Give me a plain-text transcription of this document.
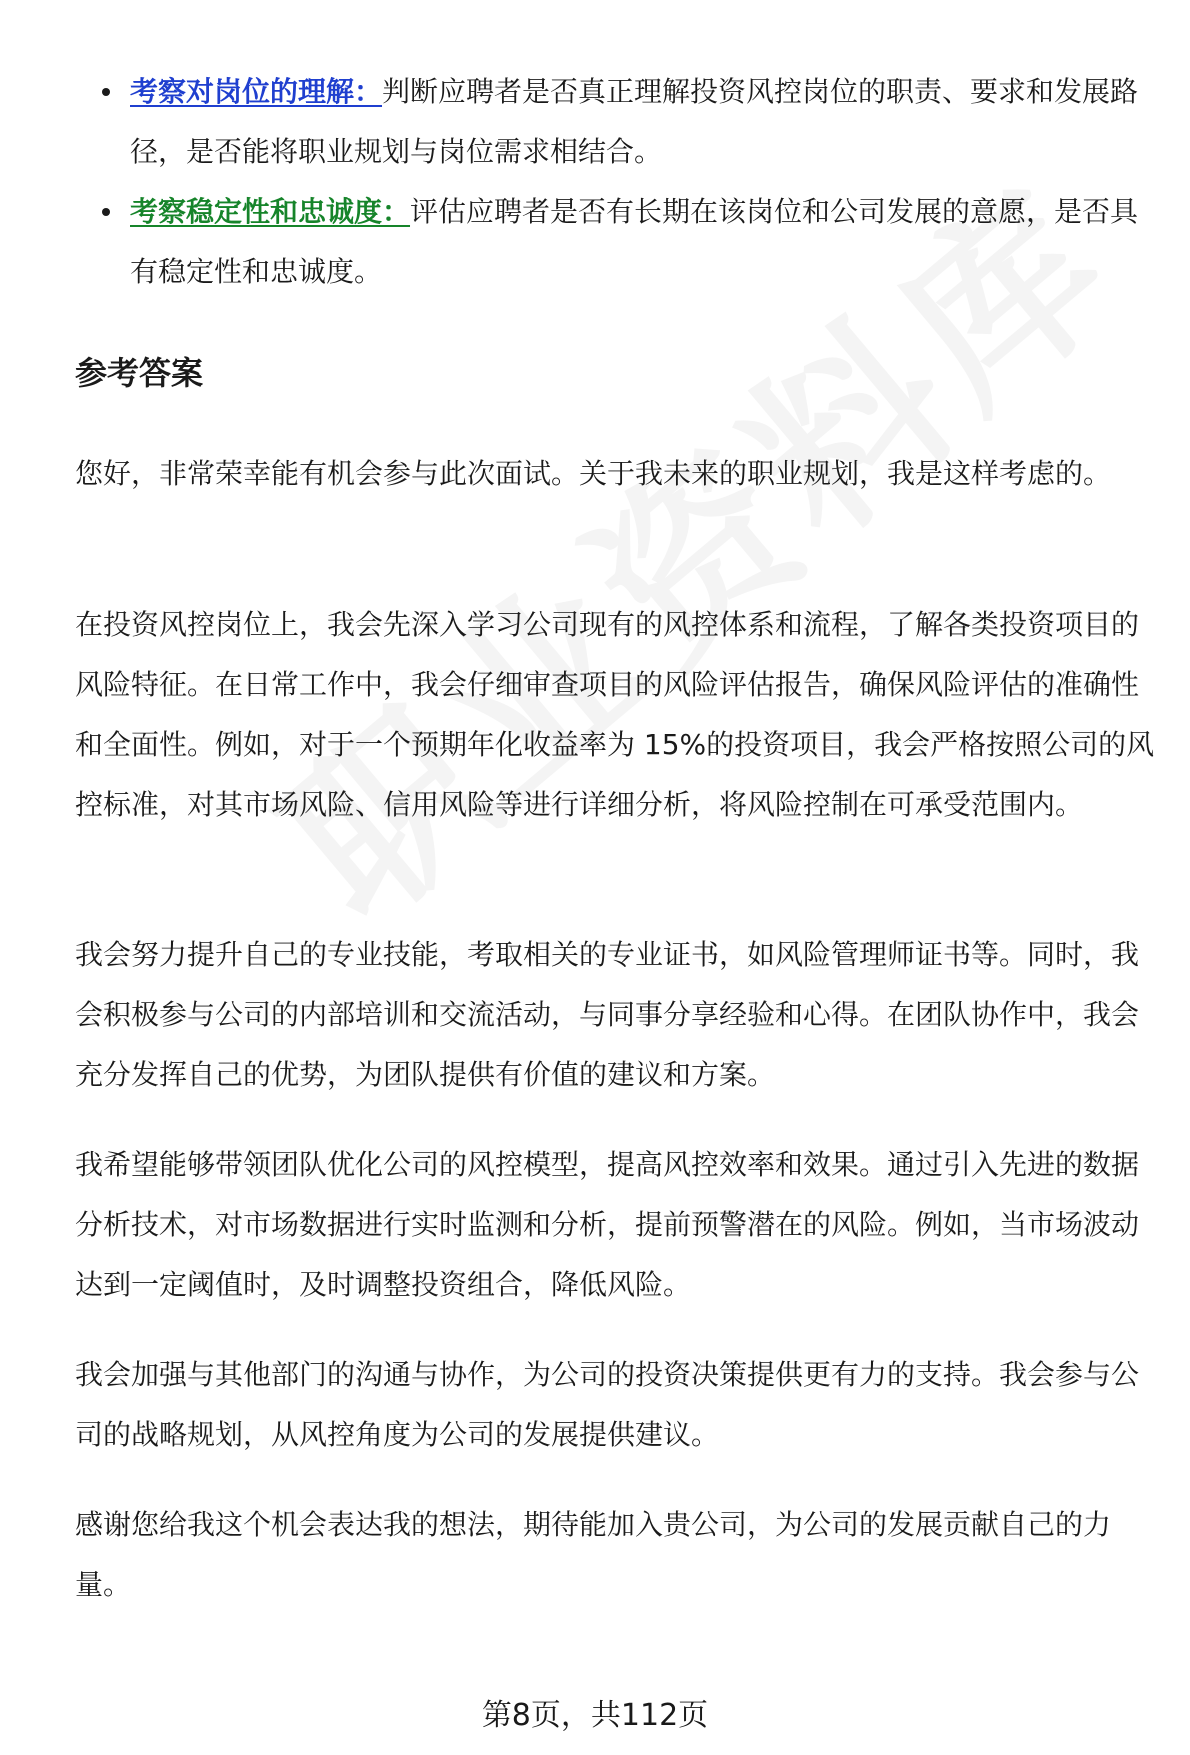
考察对岗位的理解：判断应聘者是否真正理解投资风控岗位的职责、要求和发展路径，是否能将职业规划与岗位需求相结合。
考察稳定性和忠诚度：评估应聘者是否有长期在该岗位和公司发展的意愿，是否具有稳定性和忠诚度。
参考答案

您好，非常荣幸能有机会参与此次面试。关于我未来的职业规划，我是这样考虑的。

在投资风控岗位上，我会先深入学习公司现有的风控体系和流程，了解各类投资项目的风险特征。在日常工作中，我会仔细审查项目的风险评估报告，确保风险评估的准确性和全面性。例如，对于一个预期年化收益率为 15%的投资项目，我会严格按照公司的风控标准，对其市场风险、信用风险等进行详细分析，将风险控制在可承受范围内。

我会努力提升自己的专业技能，考取相关的专业证书，如风险管理师证书等。同时，我会积极参与公司的内部培训和交流活动，与同事分享经验和心得。在团队协作中，我会充分发挥自己的优势，为团队提供有价值的建议和方案。

我希望能够带领团队优化公司的风控模型，提高风控效率和效果。通过引入先进的数据分析技术，对市场数据进行实时监测和分析，提前预警潜在的风险。例如，当市场波动达到一定阈值时，及时调整投资组合，降低风险。

我会加强与其他部门的沟通与协作，为公司的投资决策提供更有力的支持。我会参与公司的战略规划，从风控角度为公司的发展提供建议。

感谢您给我这个机会表达我的想法，期待能加入贵公司，为公司的发展贡献自己的力量。

第8页，共112页
